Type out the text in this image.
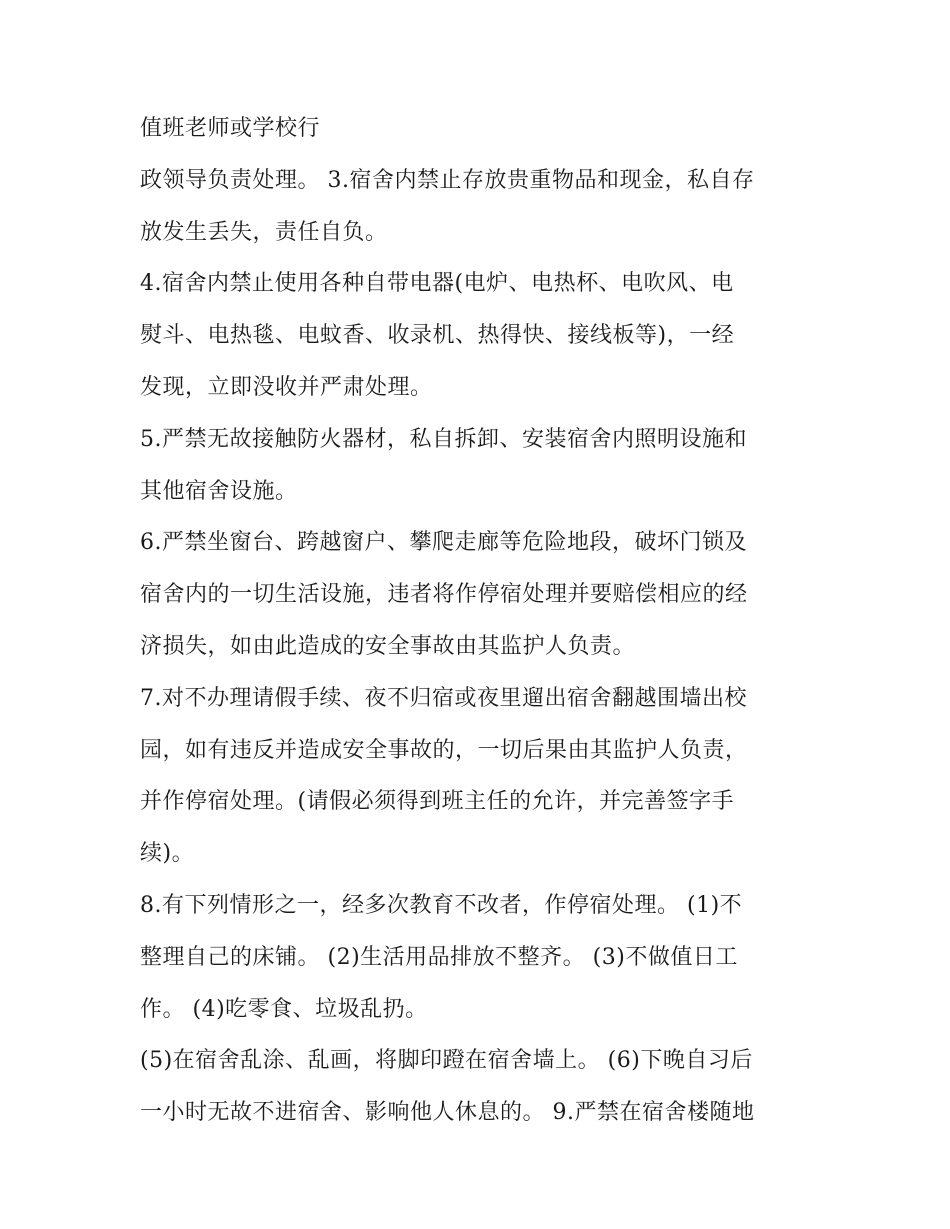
值班老师或学校行
政领导负责处理。 3.宿舍内禁止存放贵重物品和现金，私自存
放发生丢失，责任自负。
4.宿舍内禁止使用各种自带电器(电炉、电热杯、电吹风、电
熨斗、电热毯、电蚊香、收录机、热得快、接线板等)，一经
发现，立即没收并严肃处理。
5.严禁无故接触防火器材，私自拆卸、安装宿舍内照明设施和
其他宿舍设施。
6.严禁坐窗台、跨越窗户、攀爬走廊等危险地段，破坏门锁及
宿舍内的一切生活设施，违者将作停宿处理并要赔偿相应的经
济损失，如由此造成的安全事故由其监护人负责。
7.对不办理请假手续、夜不归宿或夜里遛出宿舍翻越围墙出校
园，如有违反并造成安全事故的，一切后果由其监护人负责，
并作停宿处理。(请假必须得到班主任的允许，并完善签字手
续)。
8.有下列情形之一，经多次教育不改者，作停宿处理。 (1)不
整理自己的床铺。 (2)生活用品排放不整齐。 (3)不做值日工
作。 (4)吃零食、垃圾乱扔。
(5)在宿舍乱涂、乱画，将脚印蹬在宿舍墙上。 (6)下晚自习后
一小时无故不进宿舍、影响他人休息的。 9.严禁在宿舍楼随地
